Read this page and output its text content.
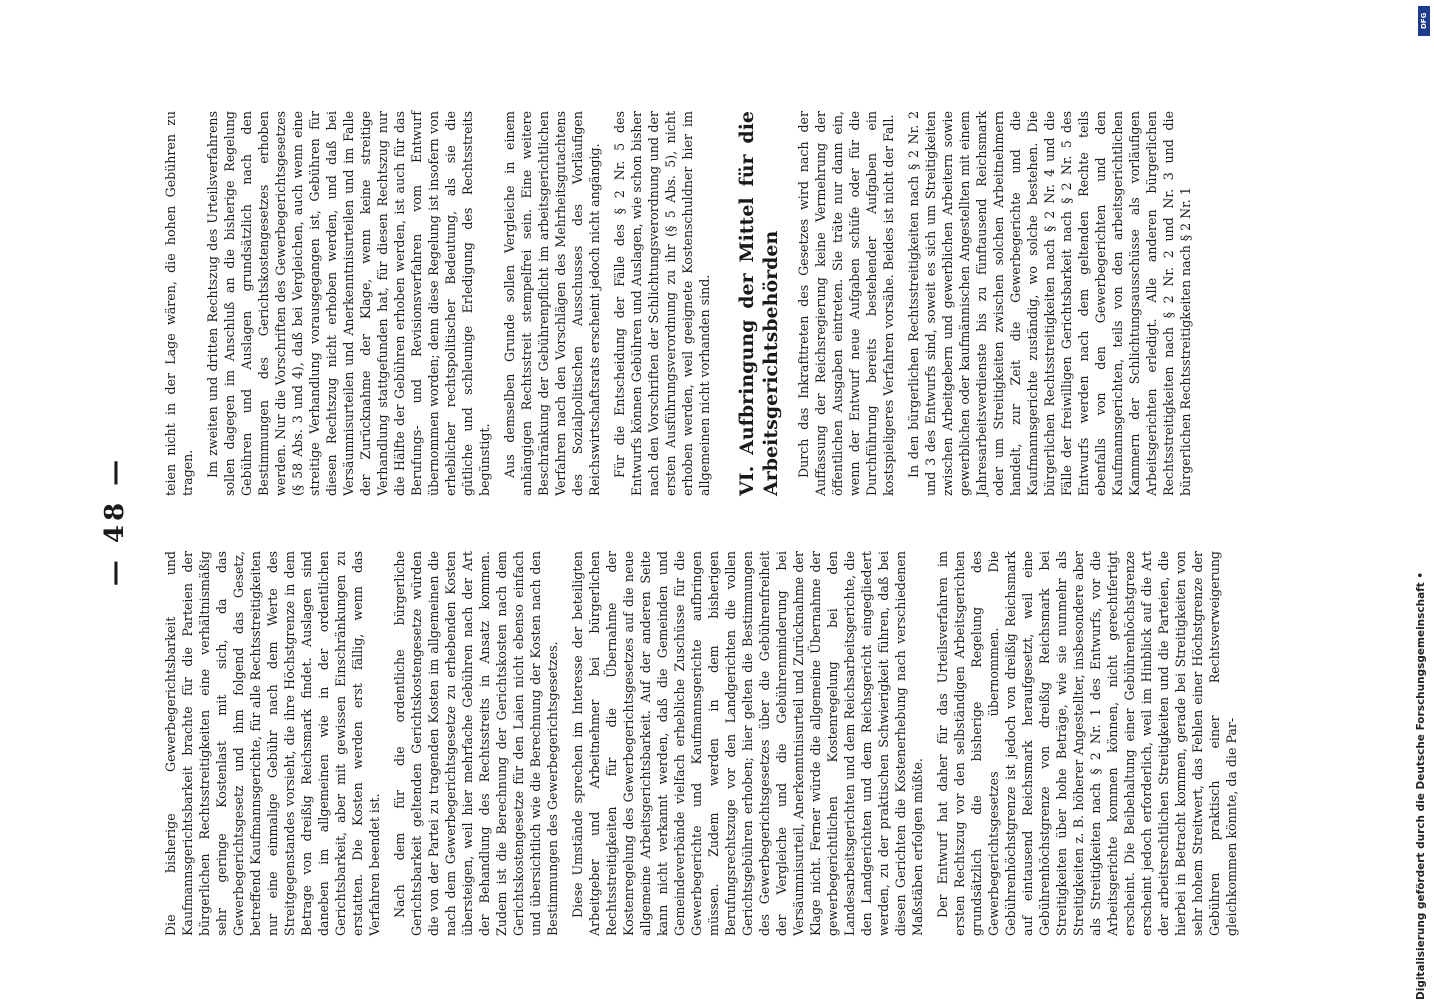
— 48 —

Die bisherige Gewerbegerichtsbarkeit und Kaufmannsgerichtsbarkeit brachte für die Parteien der bürgerlichen Rechtsstreitigkeiten eine verhältnismäßig sehr geringe Kostenlast mit sich, da das Gewerbegerichtsgesetz und ihm folgend das Gesetz, betreffend Kaufmannsgerichte, für alle Rechtsstreitigkeiten nur eine einmalige Gebühr nach dem Werte des Streitgegenstandes vorsieht, die ihre Höchstgrenze in dem Betrage von dreißig Reichsmark findet. Auslagen sind daneben im allgemeinen wie in der ordentlichen Gerichtsbarkeit, aber mit gewissen Einschränkungen zu erstatten. Die Kosten werden erst fällig, wenn das Verfahren beendet ist. Nach dem für die ordentliche bürgerliche Gerichtsbarkeit geltenden Gerichtskostengesetze würden die von der Partei zu tragenden Kosten im allgemeinen die nach dem Gewerbegerichtsgesetze zu erhebenden Kosten übersteigen, weil hier mehrfache Gebühren nach der Art der Behandlung des Rechtsstreits in Ansatz kommen. Zudem ist die Berechnung der Gerichtskosten nach dem Gerichtskostengesetze für den Laien nicht ebenso einfach und übersichtlich wie die Berechnung der Kosten nach den Bestimmungen des Gewerbegerichtsgesetzes. Diese Umstände sprechen im Interesse der beteiligten Arbeitgeber und Arbeitnehmer bei bürgerlichen Rechtsstreitigkeiten für die Übernahme der Kostenregelung des Gewerbegerichtsgesetzes auf die neue allgemeine Arbeitsgerichtsbarkeit. Auf der anderen Seite kann nicht verkannt werden, daß die Gemeinden und Gemeindeverbände vielfach erhebliche Zuschüsse für die Gewerbegerichte und Kaufmannsgerichte aufbringen müssen. Zudem werden in dem bisherigen Berufungsrechtszuge vor den Landgerichten die vollen Gerichtsgebühren erhoben; hier gelten die Bestimmungen des Gewerbegerichtsgesetzes über die Gebührenfreiheit der Vergleiche und die Gebührenminderung bei Versäumnisurteil, Anerkenntnisurteil und Zurücknahme der Klage nicht. Ferner würde die allgemeine Übernahme der gewerbegerichtlichen Kostenregelung bei den Landesarbeitsgerichten und dem Reichsarbeitsgerichte, die den Landgerichten und dem Reichsgericht eingegliedert werden, zu der praktischen Schwierigkeit führen, daß bei diesen Gerichten die Kostenerhebung nach verschiedenen Maßstäben erfolgen müßte. Der Entwurf hat daher für das Urteilsverfahren im ersten Rechtszug vor den selbständigen Arbeitsgerichten grundsätzlich die bisherige Regelung des Gewerbegerichtsgesetzes übernommen. Die Gebührenhöchstgrenze ist jedoch von dreißig Reichsmark auf eintausend Reichsmark heraufgesetzt, weil eine Gebührenhöchstgrenze von dreißig Reichsmark bei Streitigkeiten über hohe Beträge, wie sie nunmehr als Streitigkeiten z. B. höherer Angestellter, insbesondere aber als Streitigkeiten nach § 2 Nr. 1 des Entwurfs, vor die Arbeitsgerichte kommen können, nicht gerechtfertigt erscheint. Die Beibehaltung einer Gebührenhöchstgrenze erscheint jedoch erforderlich, weil im Hinblick auf die Art der arbeitsrechtlichen Streitigkeiten und die Parteien, die hierbei in Betracht kommen, gerade bei Streitigkeiten von sehr hohem Streitwert, das Fehlen einer Höchstgrenze der Gebühren praktisch einer Rechtsverweigerung gleichkommen könnte, da die Par-

teien nicht in der Lage wären, die hohen Gebühren zu tragen. Im zweiten und dritten Rechtszug des Urteilsverfahrens sollen dagegen im Anschluß an die bisherige Regelung Gebühren und Auslagen grundsätzlich nach den Bestimmungen des Gerichtskostengesetzes erhoben werden. Nur die Vorschriften des Gewerbegerichtsgesetzes (§ 58 Abs. 3 und 4), daß bei Vergleichen, auch wenn eine streitige Verhandlung vorausgegangen ist, Gebühren für diesen Rechtszug nicht erhoben werden, und daß bei Versäumnisurteilen und Anerkenntnisurteilen und im Falle der Zurücknahme der Klage, wenn keine streitige Verhandlung stattgefunden hat, für diesen Rechtszug nur die Hälfte der Gebühren erhoben werden, ist auch für das Berufungs- und Revisionsverfahren vom Entwurf übernommen worden; denn diese Regelung ist insofern von erheblicher rechtspolitischer Bedeutung, als sie die gütliche und schleunige Erledigung des Rechtsstreits begünstigt. Aus demselben Grunde sollen Vergleiche in einem anhängigen Rechtsstreit stempelfrei sein. Eine weitere Beschränkung der Gebührenpflicht im arbeitsgerichtlichen Verfahren nach den Vorschlägen des Mehrheitsgutachtens des Sozialpolitischen Ausschusses des Vorläufigen Reichswirtschaftsrats erscheint jedoch nicht angängig. Für die Entscheidung der Fälle des § 2 Nr. 5 des Entwurfs können Gebühren und Auslagen, wie schon bisher nach den Vorschriften der Schlichtungsverordnung und der ersten Ausführungsverordnung zu ihr (§ 5 Abs. 5), nicht erhoben werden, weil geeignete Kostenschuldner hier im allgemeinen nicht vorhanden sind. VI. Aufbringung der Mittel für die Arbeitsgerichtsbehörden Durch das Inkrafttreten des Gesetzes wird nach der Auffassung der Reichsregierung keine Vermehrung der öffentlichen Ausgaben eintreten. Sie träte nur dann ein, wenn der Entwurf neue Aufgaben schüfe oder für die Durchführung bereits bestehender Aufgaben ein kostspieligeres Verfahren vorsähe. Beides ist nicht der Fall. In den bürgerlichen Rechtsstreitigkeiten nach § 2 Nr. 2 und 3 des Entwurfs sind, soweit es sich um Streitigkeiten zwischen Arbeitgebern und gewerblichen Arbeitern sowie gewerblichen oder kaufmännischen Angestellten mit einem Jahresarbeitsverdienste bis zu fünftausend Reichsmark oder um Streitigkeiten zwischen solchen Arbeitnehmern handelt, zur Zeit die Gewerbegerichte und die Kaufmannsgerichte zuständig, wo solche bestehen. Die bürgerlichen Rechtsstreitigkeiten nach § 2 Nr. 4 und die Fälle der freiwilligen Gerichtsbarkeit nach § 2 Nr. 5 des Entwurfs werden nach dem geltenden Rechte teils ebenfalls von den Gewerbegerichten und den Kaufmannsgerichten, teils von den arbeitsgerichtlichen Kammern der Schlichtungsausschüsse als vorläufigen Arbeitsgerichten erledigt. Alle anderen bürgerlichen Rechtsstreitigkeiten nach § 2 Nr. 2 und Nr. 3 und die bürgerlichen Rechtsstreitigkeiten nach § 2 Nr. 1

DFG
Digitalisierung gefördert durch die Deutsche Forschungsgemeinschaft •
